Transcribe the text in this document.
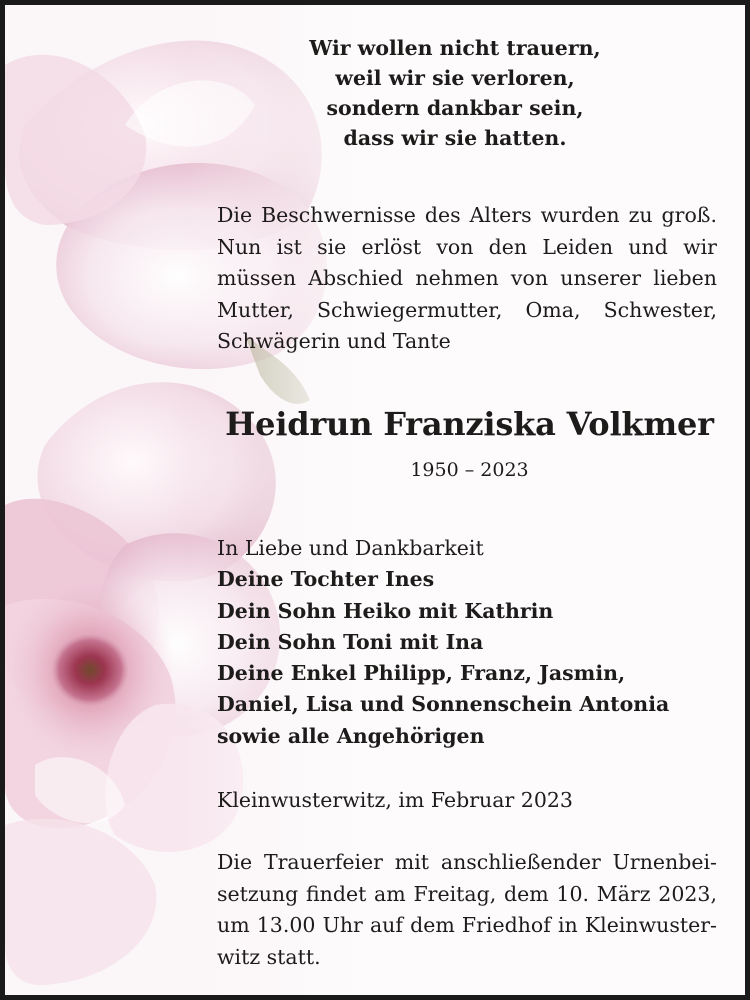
Wir wollen nicht trauern,
weil wir sie verloren,
sondern dankbar sein,
dass wir sie hatten.

Die Beschwernisse des Alters wurden zu groß. Nun ist sie erlöst von den Leiden und wir müssen Abschied nehmen von unserer lieben Mutter, Schwiegermutter, Oma, Schwester, Schwägerin und Tante

Heidrun Franziska Volkmer

1950 – 2023

In Liebe und Dankbarkeit
Deine Tochter Ines
Dein Sohn Heiko mit Kathrin
Dein Sohn Toni mit Ina
Deine Enkel Philipp, Franz, Jasmin,
Daniel, Lisa und Sonnenschein Antonia
sowie alle Angehörigen

Kleinwusterwitz, im Februar 2023

Die Trauerfeier mit anschließender Urnenbei-
setzung findet am Freitag, dem 10. März 2023,
um 13.00 Uhr auf dem Friedhof in Kleinwuster-
witz statt.
